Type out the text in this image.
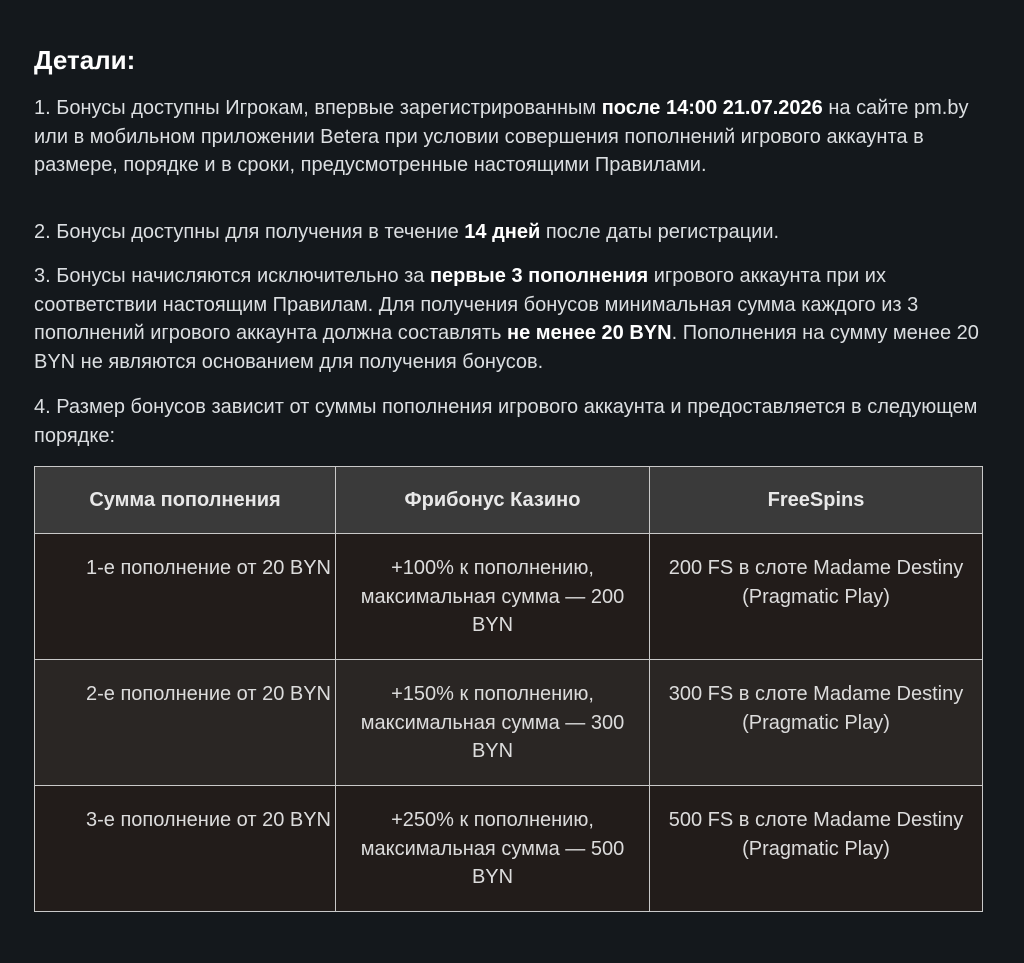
Детали:

1. Бонусы доступны Игрокам, впервые зарегистрированным после 14:00 21.07.2026 на сайте pm.by или в мобильном приложении Betera при условии совершения пополнений игрового аккаунта в размере, порядке и в сроки, предусмотренные настоящими Правилами.

2. Бонусы доступны для получения в течение 14 дней после даты регистрации.

3. Бонусы начисляются исключительно за первые 3 пополнения игрового аккаунта при их соответствии настоящим Правилам. Для получения бонусов минимальная сумма каждого из 3 пополнений игрового аккаунта должна составлять не менее 20 BYN. Пополнения на сумму менее 20 BYN не являются основанием для получения бонусов.

4. Размер бонусов зависит от суммы пополнения игрового аккаунта и предоставляется в следующем порядке:

Сумма пополнения	Фрибонус Казино	FreeSpins
1-е пополнение от 20 BYN	+100% к пополнению, максимальная сумма — 200 BYN	200 FS в слоте Madame Destiny (Pragmatic Play)
2-е пополнение от 20 BYN	+150% к пополнению, максимальная сумма — 300 BYN	300 FS в слоте Madame Destiny (Pragmatic Play)
3-е пополнение от 20 BYN	+250% к пополнению, максимальная сумма — 500 BYN	500 FS в слоте Madame Destiny (Pragmatic Play)
